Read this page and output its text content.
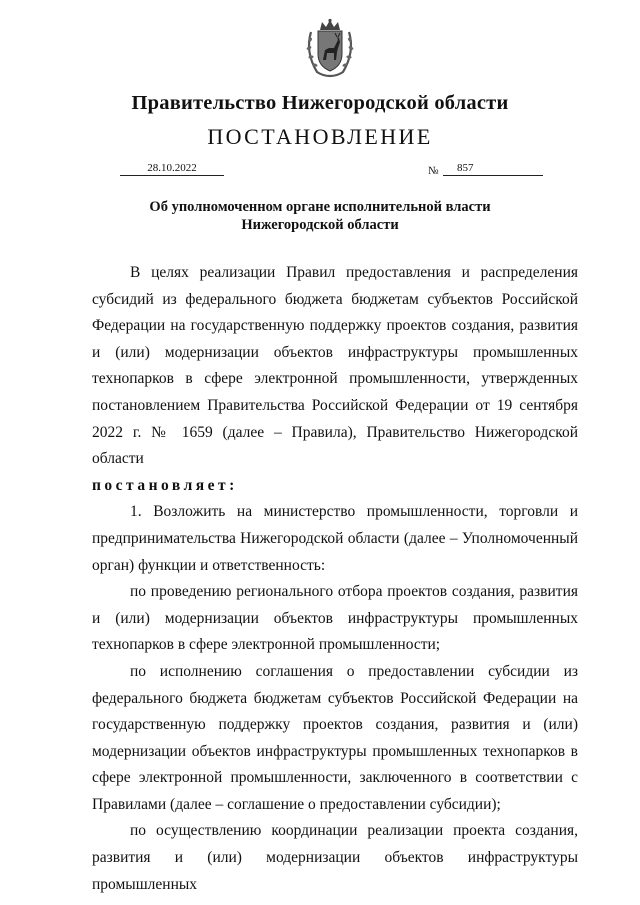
Правительство Нижегородской области
ПОСТАНОВЛЕНИЕ
28.10.2022	№	857
Об уполномоченном органе исполнительной власти
Нижегородской области

В целях реализации Правил предоставления и распределения субсидий из федерального бюджета бюджетам субъектов Российской Федерации на государственную поддержку проектов создания, развития и (или) модернизации объектов инфраструктуры промышленных технопарков в сфере электронной промышленности, утвержденных постановлением Правительства Российской Федерации от 19 сентября 2022 г. № 1659 (далее – Правила), Правительство Нижегородской области

постановляет:

1. Возложить на министерство промышленности, торговли и предпринимательства Нижегородской области (далее – Уполномоченный орган) функции и ответственность:

по проведению регионального отбора проектов создания, развития и (или) модернизации объектов инфраструктуры промышленных технопарков в сфере электронной промышленности;

по исполнению соглашения о предоставлении субсидии из федерального бюджета бюджетам субъектов Российской Федерации на государственную поддержку проектов создания, развития и (или) модернизации объектов инфраструктуры промышленных технопарков в сфере электронной промышленности, заключенного в соответствии с Правилами (далее – соглашение о предоставлении субсидии);

по осуществлению координации реализации проекта создания, развития и (или) модернизации объектов инфраструктуры промышленных
